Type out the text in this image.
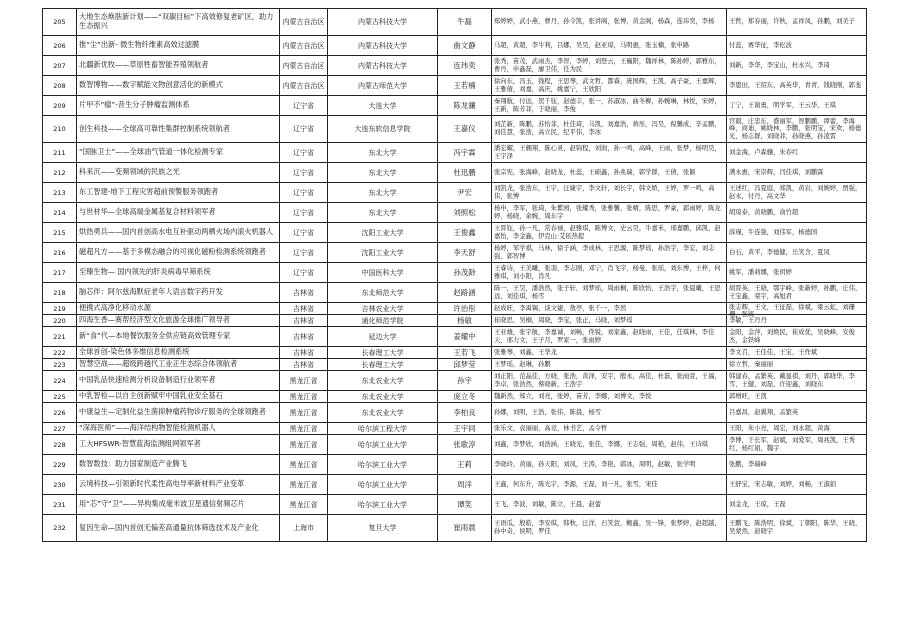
205	大地生态焕肤新计划——“双碳目标”下高效修复老矿区，助力生态振兴	内蒙古自治区	内蒙古科技大学	牛磊	郑婷婷，武小燕，曹丹，孙令凯，张讲阁，张博，黄金阁，杨森，连玮奕，李杨	王哲，郑春丽，许秋，孟祥凤，孙鹏，刘美子

206	推“尘”出新- 微生物纤维素高效过滤膜	内蒙古自治区	内蒙古科技大学	曲文静	马超，黄超，李牛利，吕娜，吴昊，赵亚琼，马明惠，张玉楠，张申路	付蕊，赛华征，李松波

207	北疆新优牧——草原牲畜智能养殖领航者	内蒙古自治区	内蒙古科技大学	连玮奕	张秀，苗茂，武雨杰，李智，李婷，刘登云，王巍阳，魏祥林，陈孙婷，郭雅东，曹丹，申鑫磊，廖卫伟，任为民	刘新，李华，李宝山，杜永兴，李琦

208	数智博物——数字赋能文物创意活化的新模式	内蒙古自治区	内蒙古师范大学	王若楠	徐向东，冯玉，钱程，王思琴，武文哲，都睿，庞国辉，王凯，高子豪，王嘉辉，王雅倩，刘嘉，高庆，姚嘉宁，王欣阳	李恩田，王绍东，高英华，青青，钱晓刚，郭斐

209	片甲不“瘤”-昔生分子肿瘤监测体系	辽宁省	大连大学	陈龙骧	秦翔航，付远，贺千钰，赵德丰，张一，苏淑冰，曲冬柳，孙婉琳，林悦，宋婷，王新，陈芳菲，于晓丽，李俊	丁宁，王谢勇，明学军，王云华，王琪

210	创生科技——全球高可靠性集群控制系统领航者	辽宁省	大连东软信息学院	王嘉仪	刘芷新，陈鹏，苏怡菲，杜佳琦，马凯，刘嘉浩，蒋彤，冯昊，倪馨成，辛孟鹏，刘佳慧，张浩，高立民，纪平伟，李冰	官毅，庄忠东，盛丽军，智鹏鹏，谭蕾，李海峰，商迪，姚晓林，李鹏，张明宝，宋欢，杨德光，杨志群，刘晓菲，孙晓燕，孙凌霄

211	“国脉卫士”——全球油气管道一体化检测专家	辽宁省	东北大学	冯宇霖	潘宏耀，王翱翔，陈心灵，赵锦程，刘润，孙一鸣，高峰，王雨，张梦，杨明昊，王宇泽	刘金海，卢森骧，朱春红

212	科来沉——变频领域的民族之光	辽宁省	东北大学	杜迅鹏	张宗宪，张海峰，赵晓龙，杜蕊，王硕鑫，孙兆瑞，郭学群，王倩，张颖	满永惠，宋崇辉，闫佳琪，刘鹏霖

213	东工智建-地下工程灾害超前预警服务领跑者	辽宁省	东北大学	尹宏	刘凯龙，张浩东，王宇，汪婕宇，李文轩，刘长宇，韩文娇，王婷，罗一鸣，高伟，张博	王述红，冯夏庭，郑凯，黄岩，刘婉婷，贾强，赵永，付丹，高文华

214	与世材华—全球高端金属基复合材料领军者	辽宁省	东北大学	刘照松	杨申，李军，张琦，朱紫园，张耀秀，张雅馨，张晴，陈思，罗豪，郭雨婷，陈龙婷，杨晓，余婉，周东宇	胡琼泰，黄晓鹏，俞竹超

215	烘热勇兵——国内首创高水电互补驱动两栖火场内滚火机器人	辽宁省	沈阳工业大学	王俊鑫	王晋钰，孙一凡，常春禄，赵雅琪，陈博文，史云昊，牛嘉禾，邢嘉鹏，邱凯，赵嘉怡，李金鑫，伊克山·艾依热提	薛瑾，牛连强，刘伟军，杨德国

216	磁超凡方——基于多模态融合的可视化磁粉检测系统领跑者	辽宁省	沈阳工业大学	李天舒	杨婷，邹学祺，马林，徐子涵，李成林，王思源，陈梦瑶，孙浩宇，李宏，刘志强，郭智博	白石，黄平，李德健，岳笑含，夏凤

217	至臻生物— 国内领先的肝炎病毒早筛系统	辽宁省	中国医科大学	孙茂龄	王睿诗，王美曦，张羽，李志刚，邓宁，肖飞宇，杨曼，张瑶，刘东博，王梓，何雅琪，刘小阳，肖凡	姚军，潘莉娜，张玥婷

218	脑芯伴：阿尔兹海默症老年人语言数字药开发	吉林省	东北师范大学	赵路涵	陈一，王昊，潘浩然，张子轩，刘梦瑶，周雨桐，陈欣怡，王浩宇，张晨曦，王思远，刘佳琪，杨雪	胡晋英，王晓，鄂宇峰，张新婷，孙鹏，庄伟，王宝鑫，栾宇，高旭君

219	便携式高净化移动水源	吉林省	吉林农业大学	许治彤	赵成旺，李禹锡，谈文婕，敖亭，张千一，李然	张志辉，王文，王征磊，徐斌，梁云虹，刘珊珊，张宾

220	四海生香—赛帮经济型文化旅游全球推广领导者	吉林省	通化师范学院	杨敏	崔晓思，吴桐，周晓，李宝，张正，马晓，刘梦瑶	李敏，王丹丹

221	新“食”代—本地餐饮服务全供应链高效管理专家	吉林省	延边大学	姜耀中	王亚雄，张宇航，李嘉诚，刘畅，佟锐，刘家鑫，赵晓雨，王佳，任琪林，李佳天，邢力文，王子月，罗家一，张雨婷	金阳，金萍，刘焕民，崔成优，吴晓峰，安俊杰，金铁峰

222	全球首创-染色体多维信息检测系统	吉林省	长春理工大学	王若飞	张雅琴，刘鑫，王华龙	李文召，王佳佳，王宝，王作斌

223	智慧空战——超级跨越代工业正生态综合体领航者	吉林省	长春理工大学	邱梦莹	王梦瑶，赵琳，孙鹏	徐立哲，秦丽丽

224	中国乳品快速检测分析设备制造行业领军者	黑龙江省	东北农业大学	孙宇	刘正阳，范晶佳，方晓，张浩，黄泽，安宇，殷永，高佳，杜磊，张雨萱，王福，李卓，张浩然，蔡晓新，王浩宇	韩建春，孟繁英，戴显祺，刘丹，郭晓华，李雪，王健，刘磊，许迎鑫，刘晓东

225	中乳智检—以自主创新赋牢中国乳业安全基石	黑龙江省	东北农业大学	庞立冬	魏新然，郑立，刘亮，张婷，苗芳，李娜，刘博文，李悦	郭增旺，王凯

226	中康益生—定制化益生菌抑肿瘤药物诊疗服务的全球领跑者	黑龙江省	东北农业大学	李柏良	孙娜，刘明，王浩，张伟，陈晨，杨雪	吕嘉昌，赵翼翔，孟繁英

227	“深海医师”——海洋结构物智能检测机器人	黑龙江省	哈尔滨工程大学	王宇同	张乐文，袁丽丽，高竞，林书艺，孟令哲	王阳，朱小亮，周宏，刘永超，黄海

228	工大HFSWR-智慧蓝海监测组网领军者	黑龙江省	哈尔滨工业大学	张歌淳	刘鑫，李梦欣，刘浩涵，王晓光，张佳，李娜，王志强，周艳，赵伟，王诗琪	李博，于长军，赵斌，刘爱军，周兆凯，王秀红，杨红娟，魏宇

229	数智数技：助力国家制造产业腾飞	黑龙江省	哈尔滨工业大学	王莉	李晓玲，黄丽，孙天阳，刘凤，王涛，李艳，郭冰，周明，赵敏，张学明	张鹏，李瑞峰

230	云境科技—引领新时代柔性高电导率新材料产业变革	黑龙江省	哈尔滨工业大学	周洋	王鑫，何东升，陈光宇，李源，王磊，刘一凡，张雪，宋佳	王舒宝，宋志敏，刘婷，刘畅，王淑娟

231	用“芯”守“卫”——异构集成毫米波卫星通信射频芯片	黑龙江省	哈尔滨工业大学	谭笑	王飞，李波，刘敏，陈立，王晨，赵蕾	刘金龙，王琼，王磊

232	复因生命—国内首创无偏差高通量抗体筛选技术及产业化	上海市	复旦大学	崔雨晨	王语瓜，殷皓，李安琪，韩秋，汪洋，石笑萱，鲍鑫，吴一锋，张梦婷，赵超越，孙中奇，侯明，罗佳	王鹏飞，陈浩明，徐斌，丁朝阳，陈华，王晓，吴蒙然，赵晓宇
